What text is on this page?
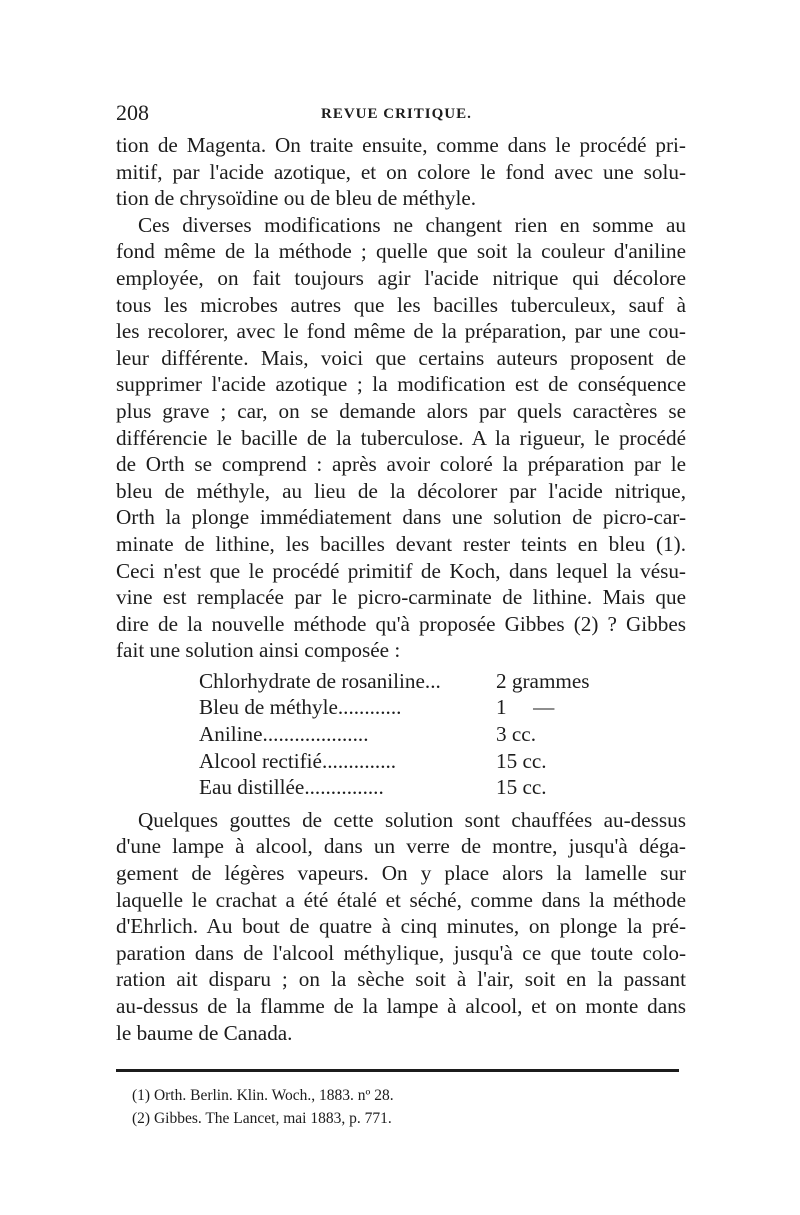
208	REVUE CRITIQUE.
tion de Magenta. On traite ensuite, comme dans le procédé pri-
mitif, par l'acide azotique, et on colore le fond avec une solu-
tion de chrysoïdine ou de bleu de méthyle.
Ces diverses modifications ne changent rien en somme au
fond même de la méthode ; quelle que soit la couleur d'aniline
employée, on fait toujours agir l'acide nitrique qui décolore
tous les microbes autres que les bacilles tuberculeux, sauf à
les recolorer, avec le fond même de la préparation, par une cou-
leur différente. Mais, voici que certains auteurs proposent de
supprimer l'acide azotique ; la modification est de conséquence
plus grave ; car, on se demande alors par quels caractères se
différencie le bacille de la tuberculose. A la rigueur, le procédé
de Orth se comprend : après avoir coloré la préparation par le
bleu de méthyle, au lieu de la décolorer par l'acide nitrique,
Orth la plonge immédiatement dans une solution de picro-car-
minate de lithine, les bacilles devant rester teints en bleu (1).
Ceci n'est que le procédé primitif de Koch, dans lequel la vésu-
vine est remplacée par le picro-carminate de lithine. Mais que
dire de la nouvelle méthode qu'à proposée Gibbes (2) ? Gibbes
fait une solution ainsi composée :
Chlorhydrate de rosaniline...	2 grammes
Bleu de méthyle............	1     —
Aniline....................	3 cc.
Alcool rectifié..............	15 cc.
Eau distillée...............	15 cc.
Quelques gouttes de cette solution sont chauffées au-dessus
d'une lampe à alcool, dans un verre de montre, jusqu'à déga-
gement de légères vapeurs. On y place alors la lamelle sur
laquelle le crachat a été étalé et séché, comme dans la méthode
d'Ehrlich. Au bout de quatre à cinq minutes, on plonge la pré-
paration dans de l'alcool méthylique, jusqu'à ce que toute colo-
ration ait disparu ; on la sèche soit à l'air, soit en la passant
au-dessus de la flamme de la lampe à alcool, et on monte dans
le baume de Canada.
(1) Orth. Berlin. Klin. Woch., 1883. nº 28.
(2) Gibbes. The Lancet, mai 1883, p. 771.
